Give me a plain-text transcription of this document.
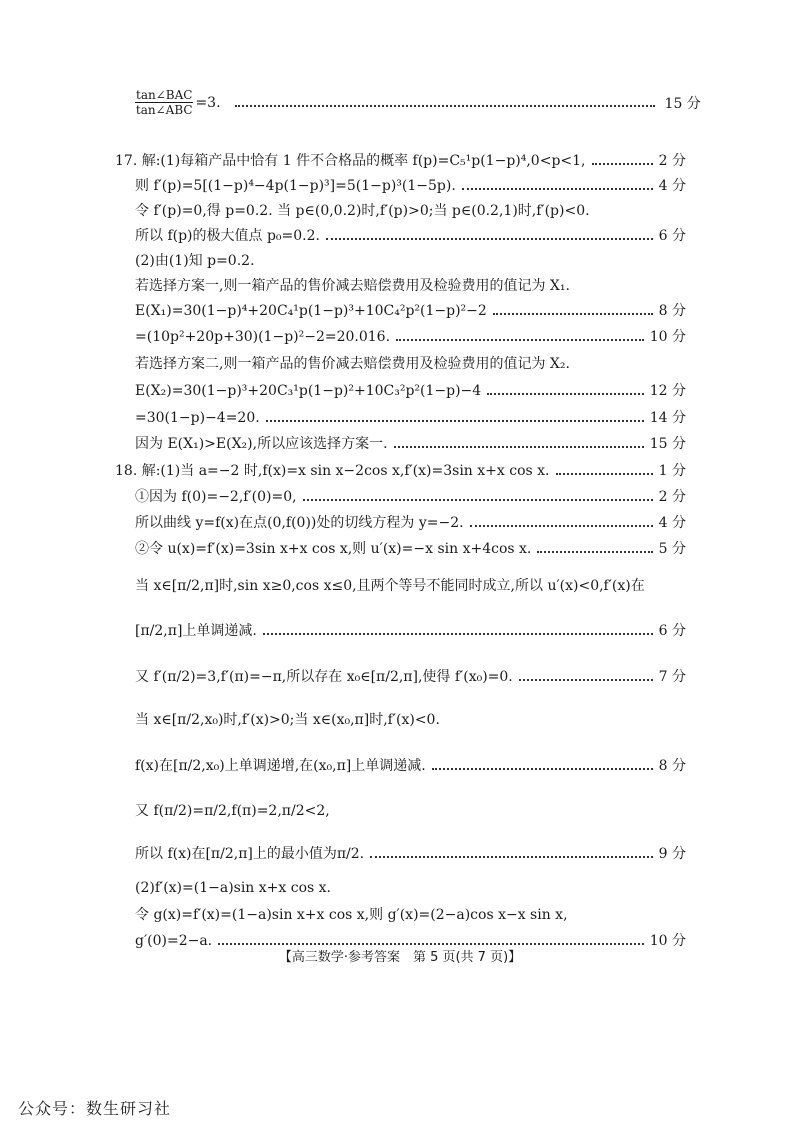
$\frac{\text{tan∠BAC}}{\text{tan∠ABC}} =3$.	15 分
17. 解:(1)每箱产品中恰有 1 件不合格品的概率 f(p)=C₅¹p(1−p)⁴,0<p<1,	2 分
则 f′(p)=5[(1−p)⁴−4p(1−p)³]=5(1−p)³(1−5p).	4 分
令 f′(p)=0,得 p=0.2. 当 p∈(0,0.2)时,f′(p)>0;当 p∈(0.2,1)时,f′(p)<0.
所以 f(p)的极大值点 p₀=0.2.	6 分
(2)由(1)知 p=0.2.
若选择方案一,则一箱产品的售价减去赔偿费用及检验费用的值记为 X₁.
E(X₁)=30(1−p)⁴+20C₄¹p(1−p)³+10C₄²p²(1−p)²−2	8 分
=(10p²+20p+30)(1−p)²−2=20.016.	10 分
若选择方案二,则一箱产品的售价减去赔偿费用及检验费用的值记为 X₂.
E(X₂)=30(1−p)³+20C₃¹p(1−p)²+10C₃²p²(1−p)−4	12 分
=30(1−p)−4=20.	14 分
因为 E(X₁)>E(X₂),所以应该选择方案一.	15 分
18. 解:(1)当 a=−2 时,f(x)=x sin x−2cos x,f′(x)=3sin x+x cos x.	1 分
①因为 f(0)=−2,f′(0)=0,	2 分
所以曲线 y=f(x)在点(0,f(0))处的切线方程为 y=−2.	4 分
②令 u(x)=f′(x)=3sin x+x cos x,则 u′(x)=−x sin x+4cos x.	5 分
当 x∈[π/2,π]时,sin x≥0,cos x≤0,且两个等号不能同时成立,所以 u′(x)<0,f′(x)在
[π/2,π]上单调递减.	6 分
又 f′(π/2)=3,f′(π)=−π,所以存在 x₀∈[π/2,π],使得 f′(x₀)=0.	7 分
当 x∈[π/2,x₀)时,f′(x)>0;当 x∈(x₀,π]时,f′(x)<0.
f(x)在[π/2,x₀)上单调递增,在(x₀,π]上单调递减.	8 分
又 f(π/2)=π/2,f(π)=2,π/2<2,
所以 f(x)在[π/2,π]上的最小值为π/2.	9 分
(2)f′(x)=(1−a)sin x+x cos x.
令 g(x)=f′(x)=(1−a)sin x+x cos x,则 g′(x)=(2−a)cos x−x sin x,
g′(0)=2−a.	10 分
【高三数学·参考答案　第 5 页(共 7 页)】
公众号：数生研习社
